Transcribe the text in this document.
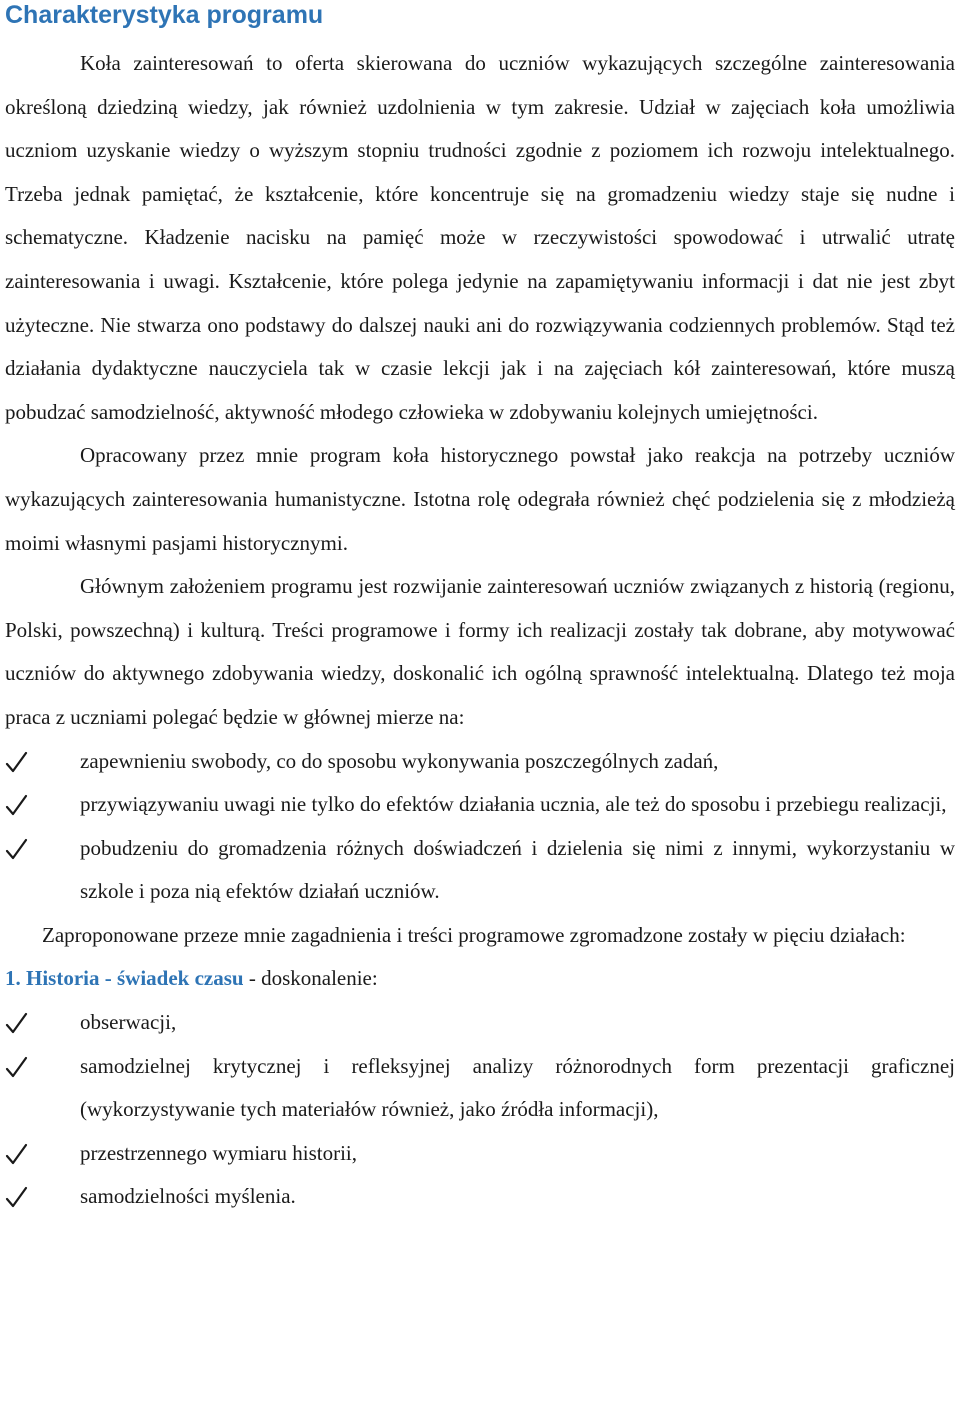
Charakterystyka programu

Koła zainteresowań to oferta skierowana do uczniów wykazujących szczególne zainteresowania określoną dziedziną wiedzy, jak również uzdolnienia w tym zakresie. Udział w zajęciach koła umożliwia uczniom uzyskanie wiedzy o wyższym stopniu trudności zgodnie z poziomem ich rozwoju intelektualnego. Trzeba jednak pamiętać, że kształcenie, które koncentruje się na gromadzeniu wiedzy staje się nudne i schematyczne. Kładzenie nacisku na pamięć może w rzeczywistości spowodować i utrwalić utratę zainteresowania i uwagi. Kształcenie, które polega jedynie na zapamiętywaniu informacji i dat nie jest zbyt użyteczne. Nie stwarza ono podstawy do dalszej nauki ani do rozwiązywania codziennych problemów. Stąd też działania dydaktyczne nauczyciela tak w czasie lekcji jak i na zajęciach kół zainteresowań, które muszą pobudzać samodzielność, aktywność młodego człowieka w zdobywaniu kolejnych umiejętności.

Opracowany przez mnie program koła historycznego powstał jako reakcja na potrzeby uczniów wykazujących zainteresowania humanistyczne. Istotna rolę odegrała również chęć podzielenia się z młodzieżą moimi własnymi pasjami historycznymi.

Głównym założeniem programu jest rozwijanie zainteresowań uczniów związanych z historią (regionu, Polski, powszechną) i kulturą. Treści programowe i formy ich realizacji zostały tak dobrane, aby motywować uczniów do aktywnego zdobywania wiedzy, doskonalić ich ogólną sprawność intelektualną. Dlatego też moja praca z uczniami polegać będzie w głównej mierze na:

zapewnieniu swobody, co do sposobu wykonywania poszczególnych zadań,
przywiązywaniu uwagi nie tylko do efektów działania ucznia, ale też do sposobu i przebiegu realizacji,
pobudzeniu do gromadzenia różnych doświadczeń i dzielenia się nimi z innymi, wykorzystaniu w szkole i poza nią efektów działań uczniów.

Zaproponowane przeze mnie zagadnienia i treści programowe zgromadzone zostały w pięciu działach:

1. Historia - świadek czasu - doskonalenie:

obserwacji,
samodzielnej krytycznej i refleksyjnej analizy różnorodnych form prezentacji graficznej (wykorzystywanie tych materiałów również, jako źródła informacji),
przestrzennego wymiaru historii,
samodzielności myślenia.
